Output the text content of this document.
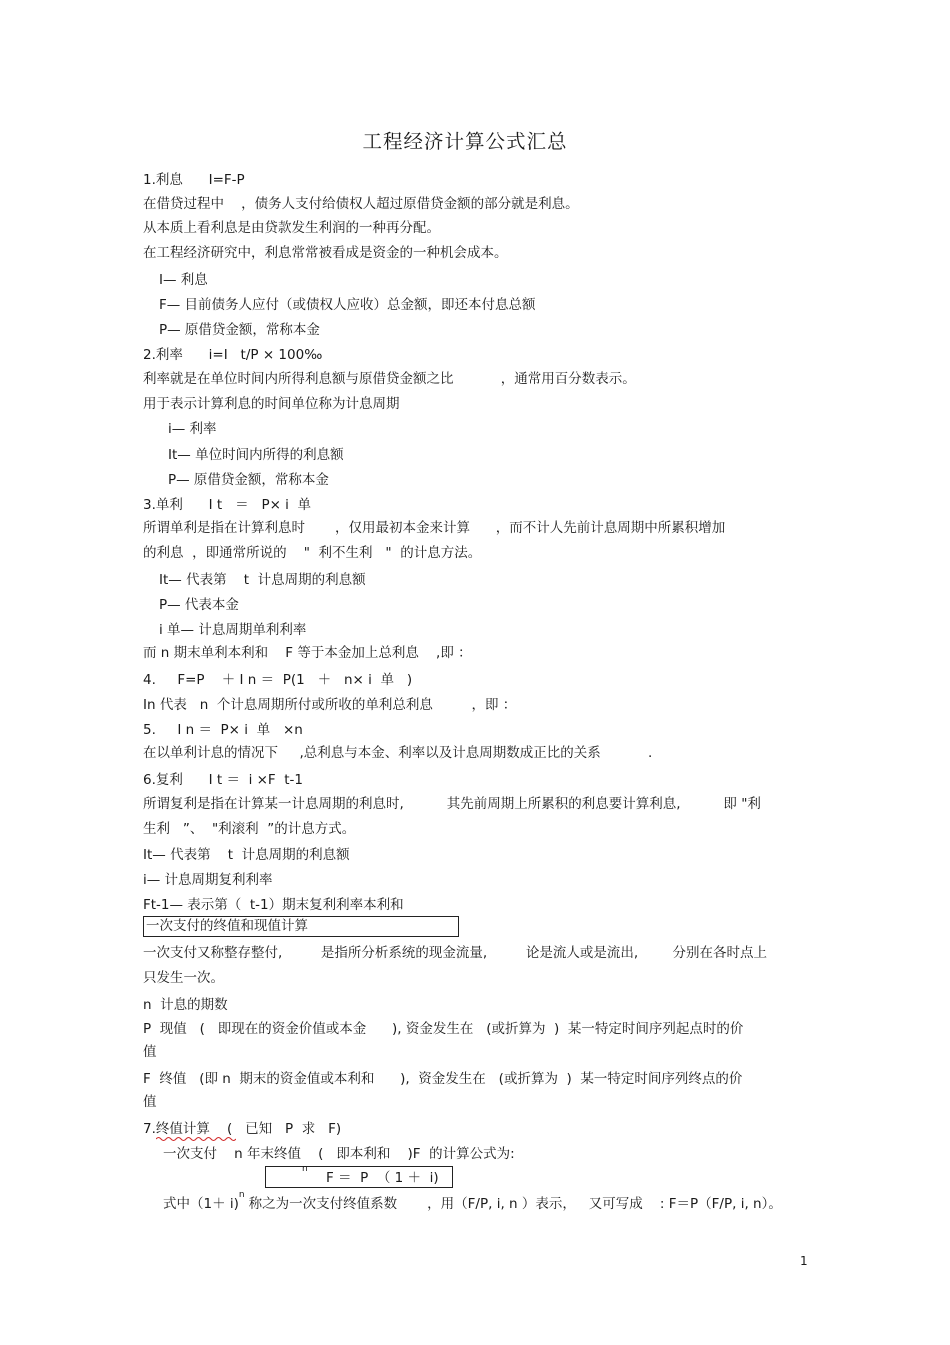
工程经济计算公式汇总
1.利息      I=F-P
在借贷过程中    ，债务人支付给债权人超过原借贷金额的部分就是利息。
从本质上看利息是由贷款发生利润的一种再分配。
在工程经济研究中，利息常常被看成是资金的一种机会成本。
I— 利息
F— 目前债务人应付（或债权人应收）总金额，即还本付息总额
P— 原借贷金额，常称本金
2.利率      i=I   t/P × 100‰
利率就是在单位时间内所得利息额与原借贷金额之比           ，通常用百分数表示。
用于表示计算利息的时间单位称为计息周期
i— 利率
It— 单位时间内所得的利息额
P— 原借贷金额，常称本金
3.单利      I t   ＝   P× i  单
所谓单利是指在计算利息时       ，仅用最初本金来计算      ，而不计人先前计息周期中所累积增加
的利息  ，即通常所说的    "  利不生利   "  的计息方法。
It— 代表第    t  计息周期的利息额
P— 代表本金
i 单— 计息周期单利利率
而 n 期末单利本利和    F 等于本金加上总利息    ,即 ：
4.     F=P    ＋ I n ＝  P(1   ＋   n× i  单   )
In 代表   n  个计息周期所付或所收的单利总利息         ，即 ：
5.     I n ＝  P× i  单   ×n
在以单利计息的情况下     ,总利息与本金、利率以及计息周期数成正比的关系           .
6.复利      I t ＝  i ×F  t-1
所谓复利是指在计算某一计息周期的利息时,          其先前周期上所累积的利息要计算利息,          即 "利
生利   ”、  "利滚利  ”的计息方式。
It— 代表第    t  计息周期的利息额
i— 计息周期复利利率
Ft-1— 表示第（  t-1）期末复利利率本利和
一次支付的终值和现值计算
一次支付又称整存整付,         是指所分析系统的现金流量,         论是流人或是流出,        分别在各时点上
只发生一次。
n  计息的期数
P  现值   (   即现在的资金价值或本金      ), 资金发生在   (或折算为  )  某一特定时间序列起点时的价
值
F  终值   (即 n  期末的资金值或本利和      ),  资金发生在   (或折算为  )  某一特定时间序列终点的价
值
7.终值计算    (   已知   P  求   F)
一次支付    n 年末终值    (   即本利和    )F  的计算公式为:
F ＝  P  （ 1 ＋  i)
$^n$
式中（1＋ i)$^n$称之为一次支付终值系数       ，用（F/P, i, n ）表示，   又可写成    : F＝P（F/P, i, n）。
1
